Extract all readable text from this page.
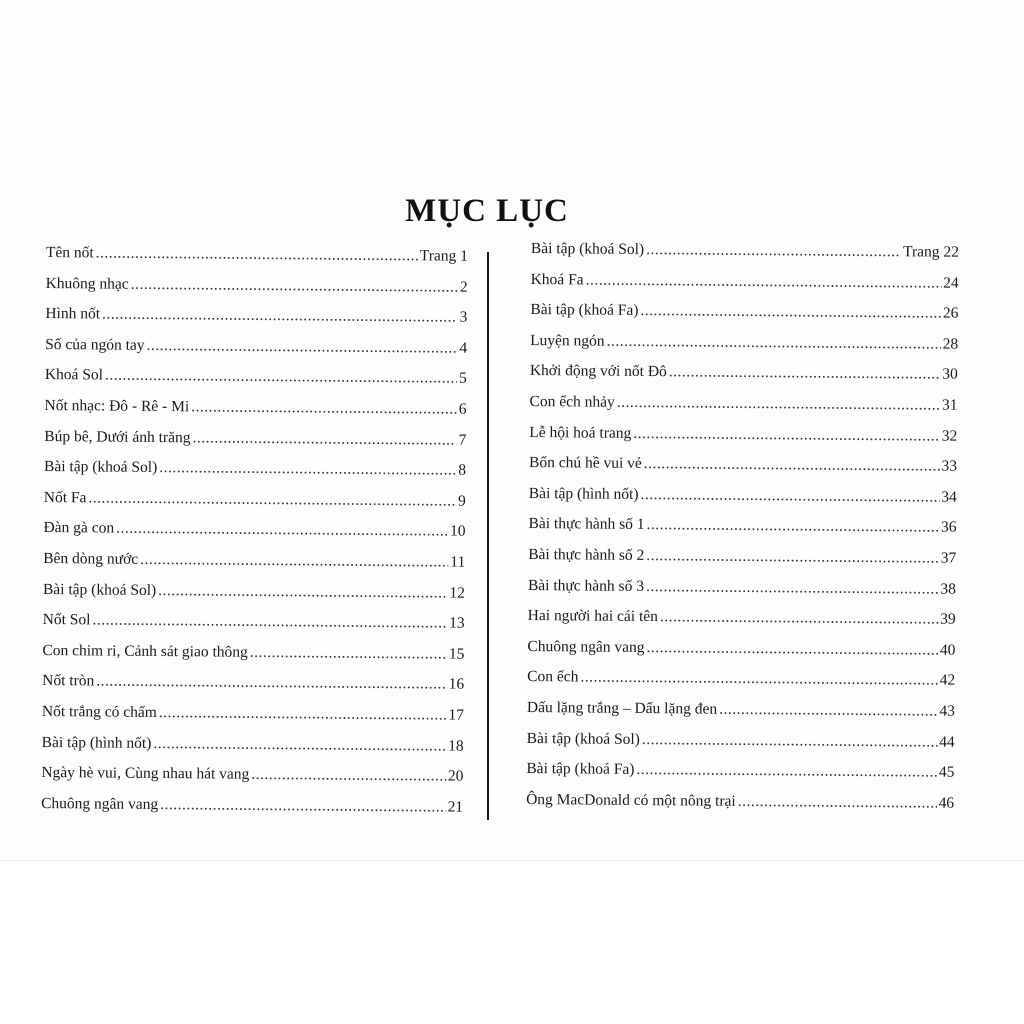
MỤC LỤC
Tên nốt .....	Trang 1
Khuông nhạc .....	2
Hình nốt .....	3
Số của ngón tay .....	4
Khoá Sol .....	5
Nốt nhạc: Đô - Rê - Mi .....	6
Búp bê, Dưới ánh trăng .....	7
Bài tập (khoá Sol) .....	8
Nốt Fa .....	9
Đàn gà con .....	10
Bên dòng nước .....	11
Bài tập (khoá Sol) .....	12
Nốt Sol .....	13
Con chim ri, Cảnh sát giao thông .....	15
Nốt tròn .....	16
Nốt trắng có chấm .....	17
Bài tập (hình nốt) .....	18
Ngày hè vui, Cùng nhau hát vang .....	20
Chuông ngân vang .....	21
Bài tập (khoá Sol) .....	Trang 22
Khoá Fa .....	24
Bài tập (khoá Fa) .....	26
Luyện ngón .....	28
Khởi động với nốt Đô .....	30
Con ếch nhảy .....	31
Lễ hội hoá trang .....	32
Bốn chú hề vui vẻ .....	33
Bài tập (hình nốt) .....	34
Bài thực hành số 1 .....	36
Bài thực hành số 2 .....	37
Bài thực hành số 3 .....	38
Hai người hai cái tên .....	39
Chuông ngân vang .....	40
Con ếch .....	42
Dấu lặng trắng – Dấu lặng đen .....	43
Bài tập (khoá Sol) .....	44
Bài tập (khoá Fa) .....	45
Ông MacDonald có một nông trại .....	46
